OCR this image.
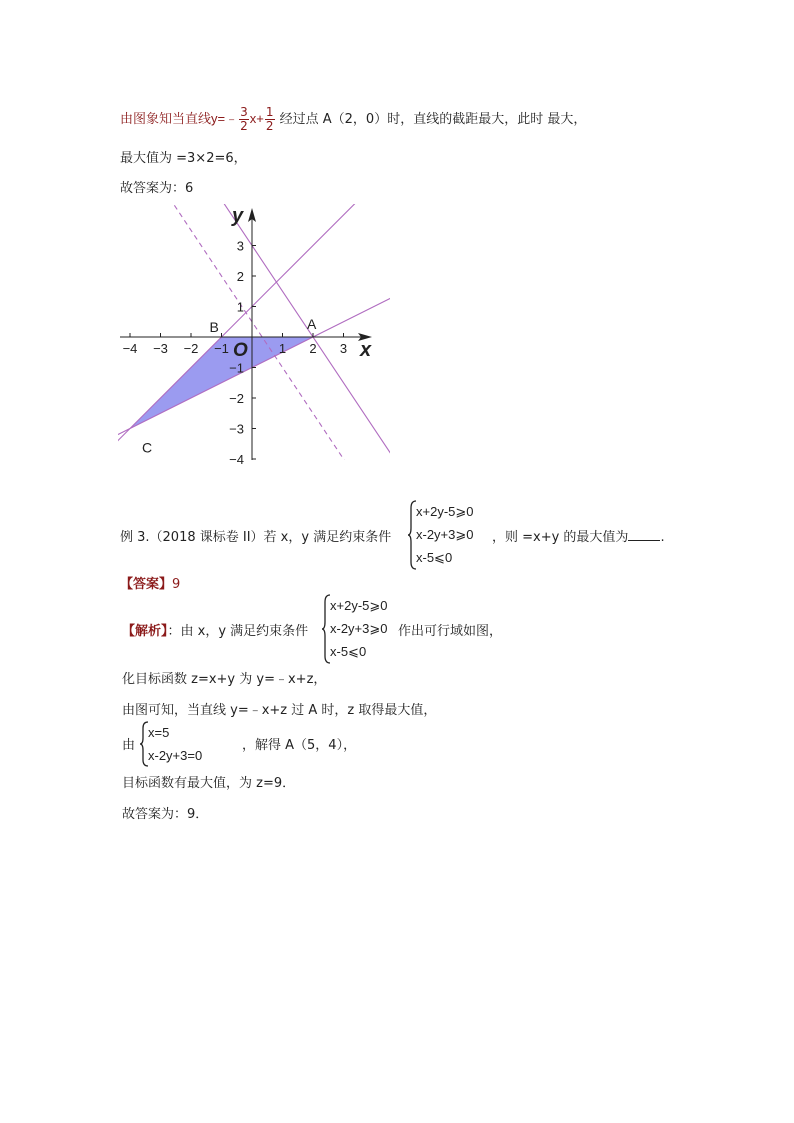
由图象知当直线y=﹣ $\frac{3}{2} x+ \frac{1}{2}$ 经过点 A（2，0）时，直线的截距最大，此时 最大，
最大值为 =3×2=6，
故答案为：6
−4 −3 −2 −1	1 2 3
3
2
1
−1
−2
−3
−4
x
y
O
A
B
C
例 3.（2018 课标卷 II）若 x，y 满足约束条件
x+2y-5⩾0
x-2y+3⩾0
x-5⩽0
，则 =x+y 的最大值为 .
【答案】9
【解析】：由 x，y 满足约束条件
x+2y-5⩾0
x-2y+3⩾0
x-5⩽0
作出可行域如图，
化目标函数 z=x+y 为 y=﹣x+z，
由图可知，当直线 y=﹣x+z 过 A 时，z 取得最大值，
由
x=5
x-2y+3=0
，解得 A（5，4），
目标函数有最大值，为 z=9．
故答案为：9．
